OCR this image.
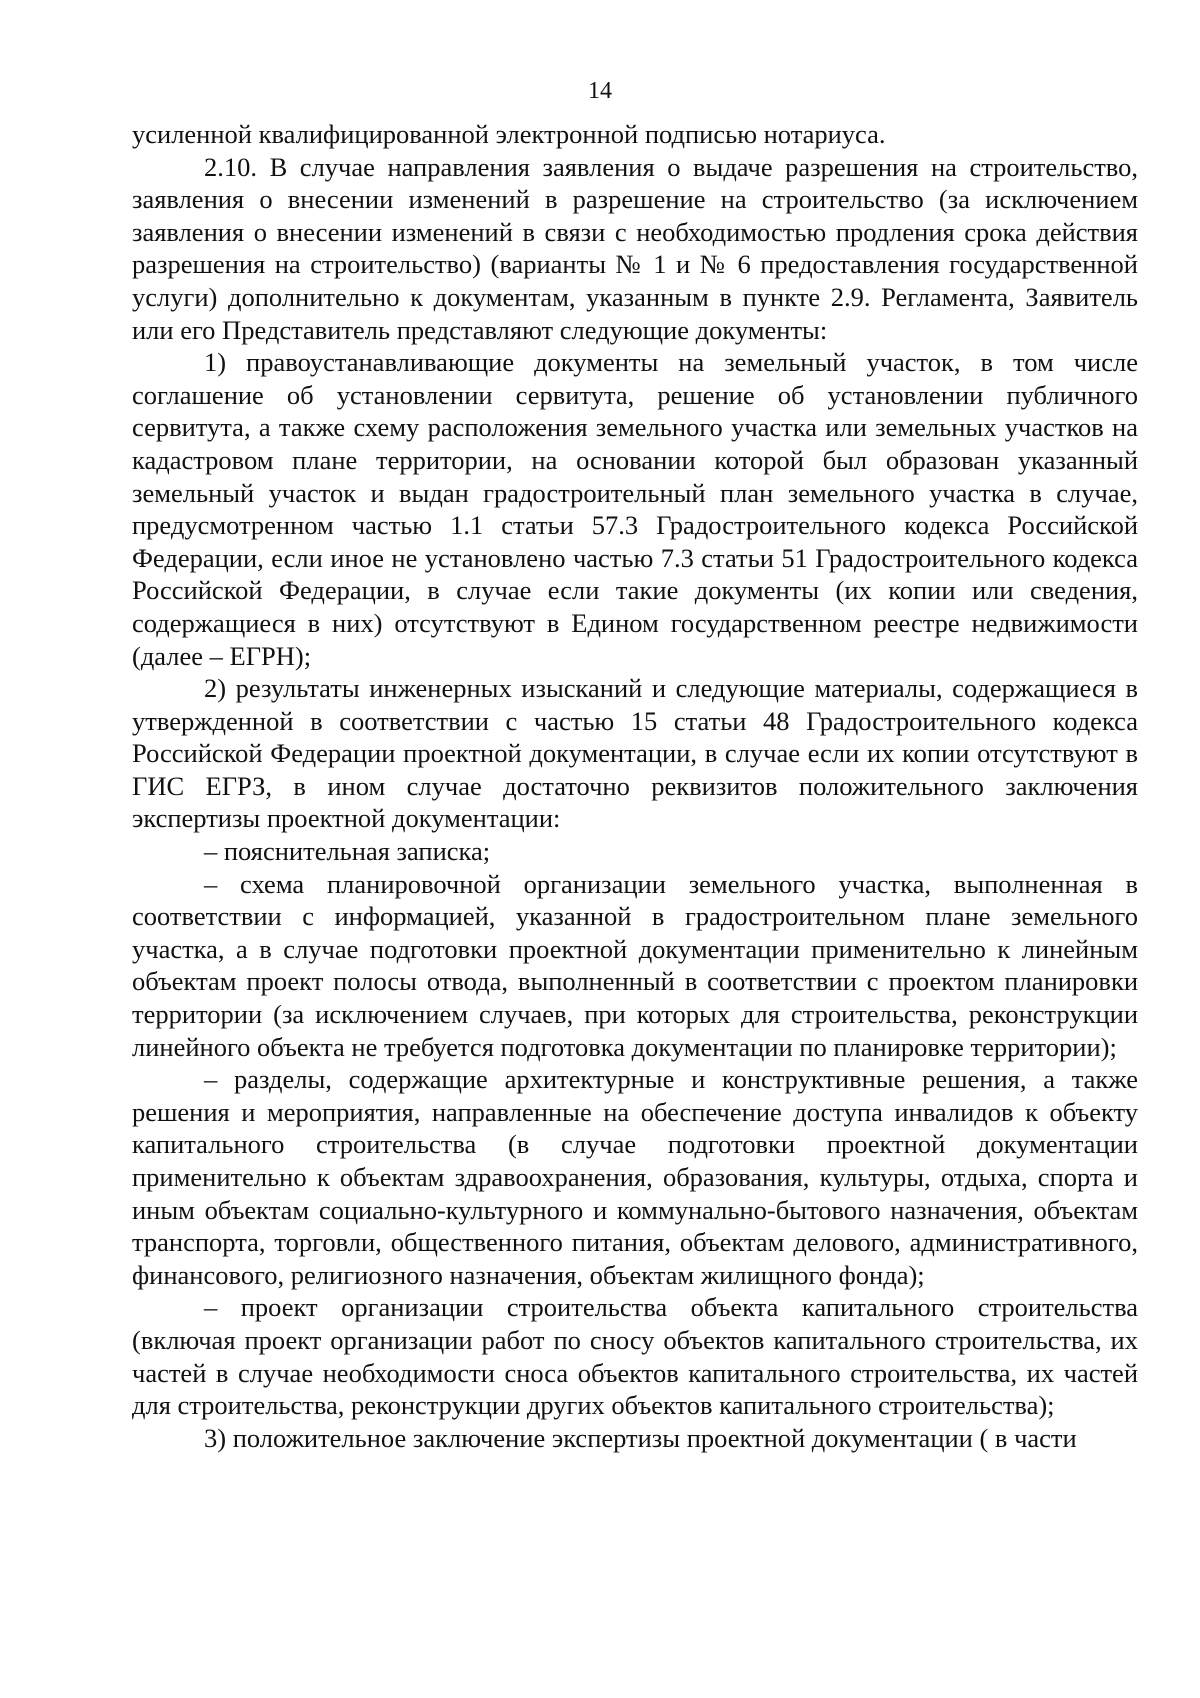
14

усиленной квалифицированной электронной подписью нотариуса.

2.10. В случае направления заявления о выдаче разрешения на строительство, заявления о внесении изменений в разрешение на строительство (за исключением заявления о внесении изменений в связи с необходимостью продления срока действия разрешения на строительство) (варианты № 1 и № 6 предоставления государственной услуги) дополнительно к документам, указанным в пункте 2.9. Регламента, Заявитель или его Представитель представляют следующие документы:

1) правоустанавливающие документы на земельный участок, в том числе соглашение об установлении сервитута, решение об установлении публичного сервитута, а также схему расположения земельного участка или земельных участков на кадастровом плане территории, на основании которой был образован указанный земельный участок и выдан градостроительный план земельного участка в случае, предусмотренном частью 1.1 статьи 57.3 Градостроительного кодекса Российской Федерации, если иное не установлено частью 7.3 статьи 51 Градостроительного кодекса Российской Федерации, в случае если такие документы (их копии или сведения, содержащиеся в них) отсутствуют в Едином государственном реестре недвижимости (далее – ЕГРН);

2) результаты инженерных изысканий и следующие материалы, содержащиеся в утвержденной в соответствии с частью 15 статьи 48 Градостроительного кодекса Российской Федерации проектной документации, в случае если их копии отсутствуют в ГИС ЕГРЗ, в ином случае достаточно реквизитов положительного заключения экспертизы проектной документации:

– пояснительная записка;

– схема планировочной организации земельного участка, выполненная в соответствии с информацией, указанной в градостроительном плане земельного участка, а в случае подготовки проектной документации применительно к линейным объектам проект полосы отвода, выполненный в соответствии с проектом планировки территории (за исключением случаев, при которых для строительства, реконструкции линейного объекта не требуется подготовка документации по планировке территории);

– разделы, содержащие архитектурные и конструктивные решения, а также решения и мероприятия, направленные на обеспечение доступа инвалидов к объекту капитального строительства (в случае подготовки проектной документации применительно к объектам здравоохранения, образования, культуры, отдыха, спорта и иным объектам социально-культурного и коммунально-бытового назначения, объектам транспорта, торговли, общественного питания, объектам делового, административного, финансового, религиозного назначения, объектам жилищного фонда);

– проект организации строительства объекта капитального строительства (включая проект организации работ по сносу объектов капитального строительства, их частей в случае необходимости сноса объектов капитального строительства, их частей для строительства, реконструкции других объектов капитального строительства);

3) положительное заключение экспертизы проектной документации ( в части
